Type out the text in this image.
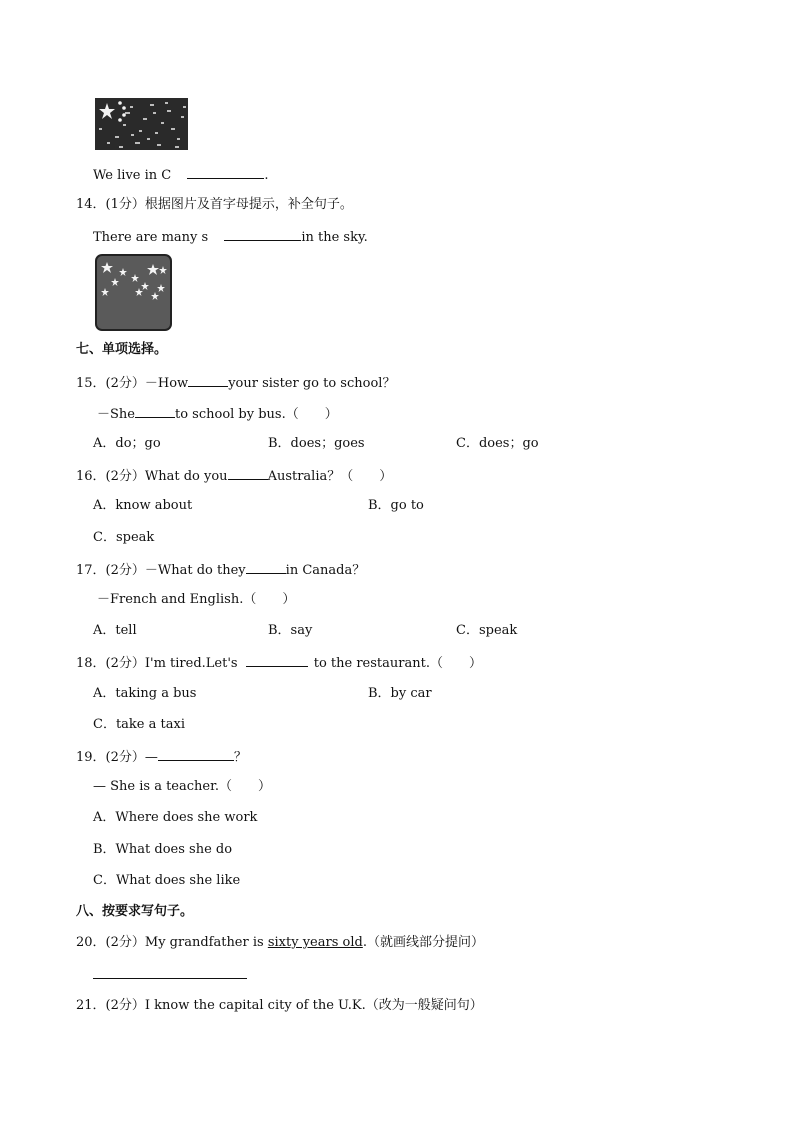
We live in C	.
14．(1分）根据图片及首字母提示，补全句子。
There are many s	in the sky.
七、单项选择。
15．(2分）－How	your sister go to school？
－She	to school by bus.（　　）
A．do；go	B．does；goes	C．does；go
16．(2分）What do you	Australia？（　　）
A．know about	B．go to
C．speak
17．(2分）－What do they	in Canada？
－French and English.（　　）
A．tell	B．say	C．speak
18．(2分）I'm tired.Let's	to the restaurant.（　　）
A．taking a bus	B．by car
C．take a taxi
19．(2分）—	？
— She is a teacher.（　　）
A．Where does she work
B．What does she do
C．What does she like
八、按要求写句子。
20．(2分）My grandfather is sixty years old.（就画线部分提问）
21．(2分）I know the capital city of the U.K.（改为一般疑问句）
